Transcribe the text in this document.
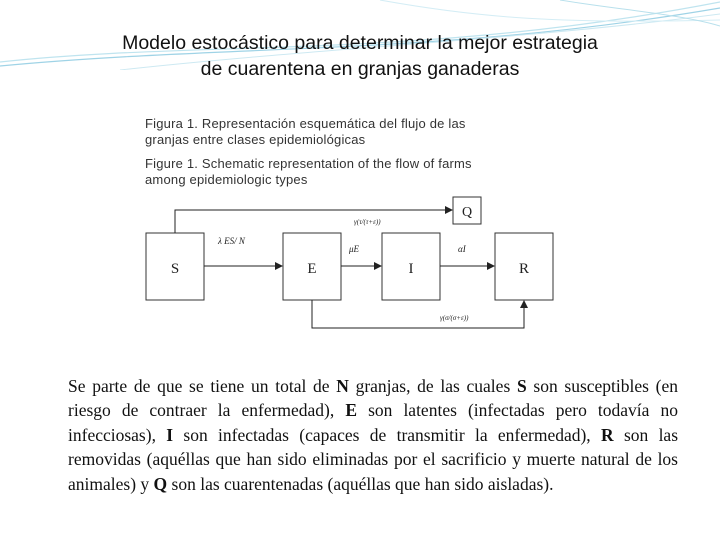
Modelo estocástico para determinar la mejor estrategia
de cuarentena en granjas ganaderas
Figura 1. Representación esquemática del flujo de las
granjas entre clases epidemiológicas
Figure 1. Schematic representation of the flow of farms
among epidemiologic types
S	E	I	R
Q
λ ES/ N
μE	αI
γ(τ/(τ+ε))
γ(σ/(σ+ε))
Se parte de que se tiene un total de N granjas, de las cuales S son susceptibles (en riesgo de contraer la enfermedad), E son latentes (infectadas pero todavía no infecciosas), I son infectadas (capaces de transmitir la enfermedad), R son las removidas (aquéllas que han sido eliminadas por el sacrificio y muerte natural de los animales) y Q son las cuarentenadas (aquéllas que han sido aisladas).
